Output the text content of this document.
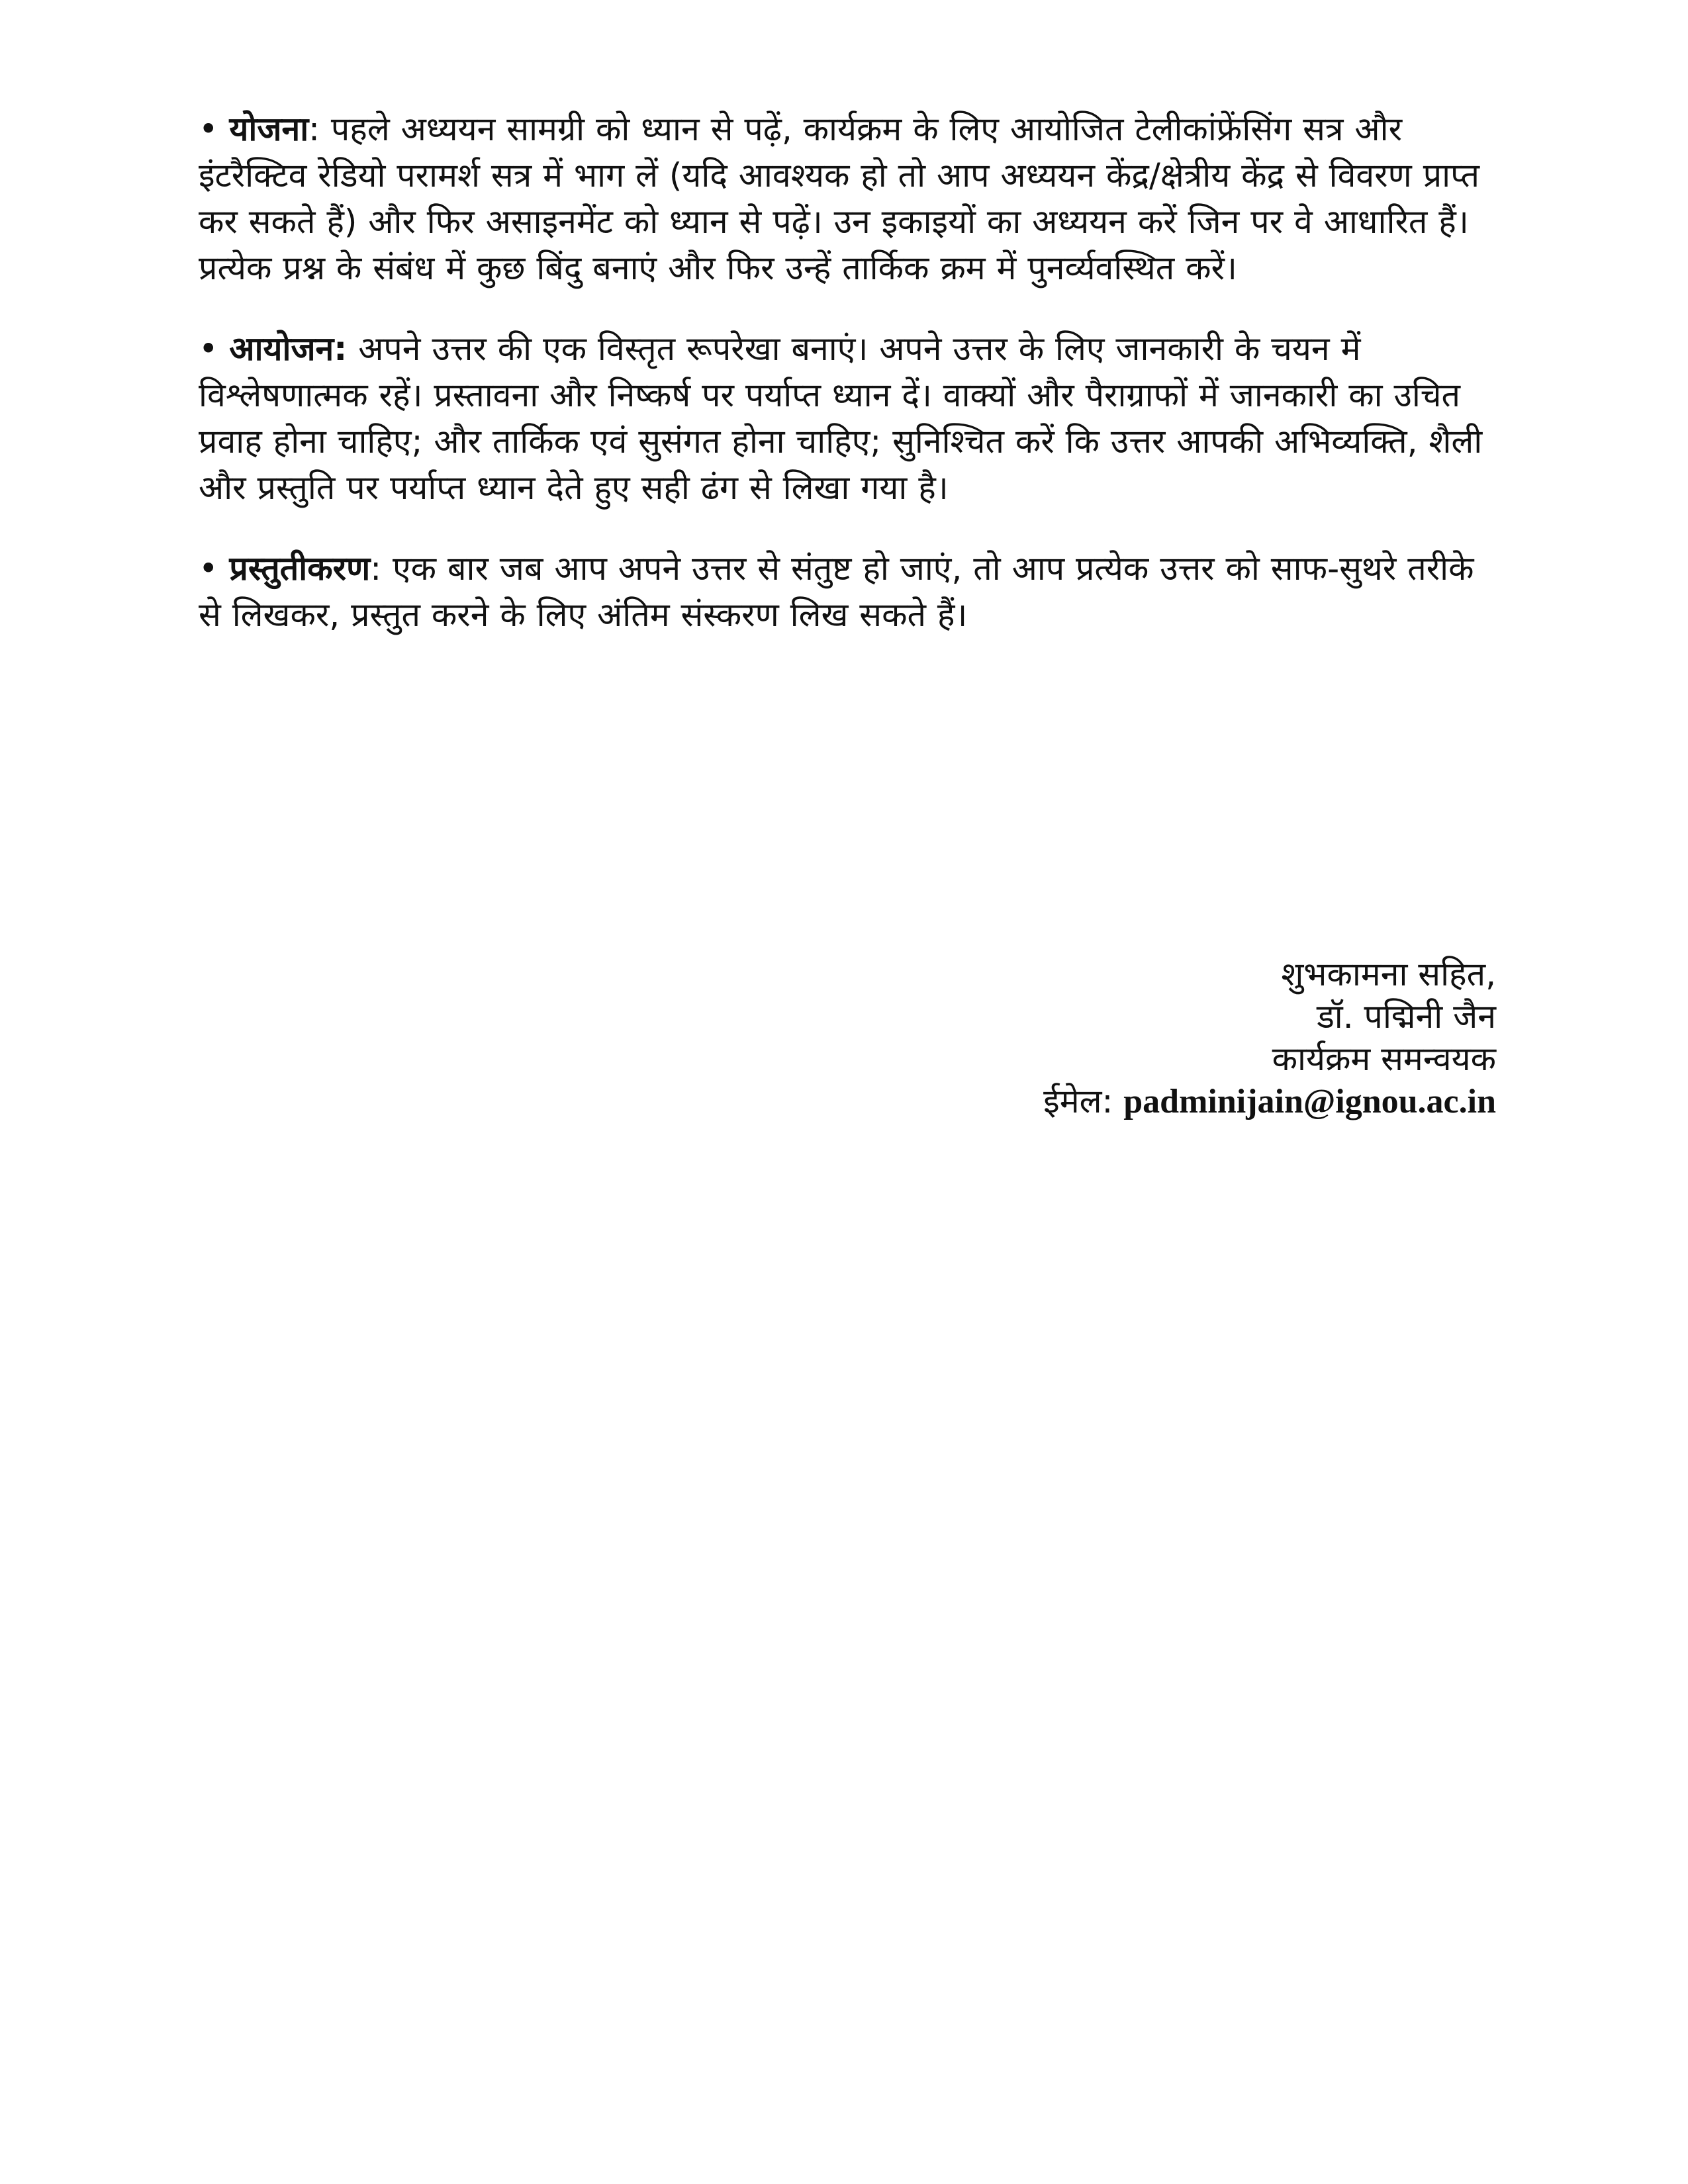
• योजना: पहले अध्ययन सामग्री को ध्यान से पढ़ें, कार्यक्रम के लिए आयोजित टेलीकांफ्रेंसिंग सत्र और इंटरैक्टिव रेडियो परामर्श सत्र में भाग लें (यदि आवश्यक हो तो आप अध्ययन केंद्र/क्षेत्रीय केंद्र से विवरण प्राप्त कर सकते हैं) और फिर असाइनमेंट को ध्यान से पढ़ें। उन इकाइयों का अध्ययन करें जिन पर वे आधारित हैं। प्रत्येक प्रश्न के संबंध में कुछ बिंदु बनाएं और फिर उन्हें तार्किक क्रम में पुनर्व्यवस्थित करें।

• आयोजन: अपने उत्तर की एक विस्तृत रूपरेखा बनाएं। अपने उत्तर के लिए जानकारी के चयन में विश्लेषणात्मक रहें। प्रस्तावना और निष्कर्ष पर पर्याप्त ध्यान दें। वाक्यों और पैराग्राफों में जानकारी का उचित प्रवाह होना चाहिए; और तार्किक एवं सुसंगत होना चाहिए; सुनिश्चित करें कि उत्तर आपकी अभिव्यक्ति, शैली और प्रस्तुति पर पर्याप्त ध्यान देते हुए सही ढंग से लिखा गया है।

• प्रस्तुतीकरण: एक बार जब आप अपने उत्तर से संतुष्ट हो जाएं, तो आप प्रत्येक उत्तर को साफ-सुथरे तरीके से लिखकर, प्रस्तुत करने के लिए अंतिम संस्करण लिख सकते हैं।

शुभकामना सहित,
डॉ. पद्मिनी जैन
कार्यक्रम समन्वयक
ईमेल: padminijain@ignou.ac.in
